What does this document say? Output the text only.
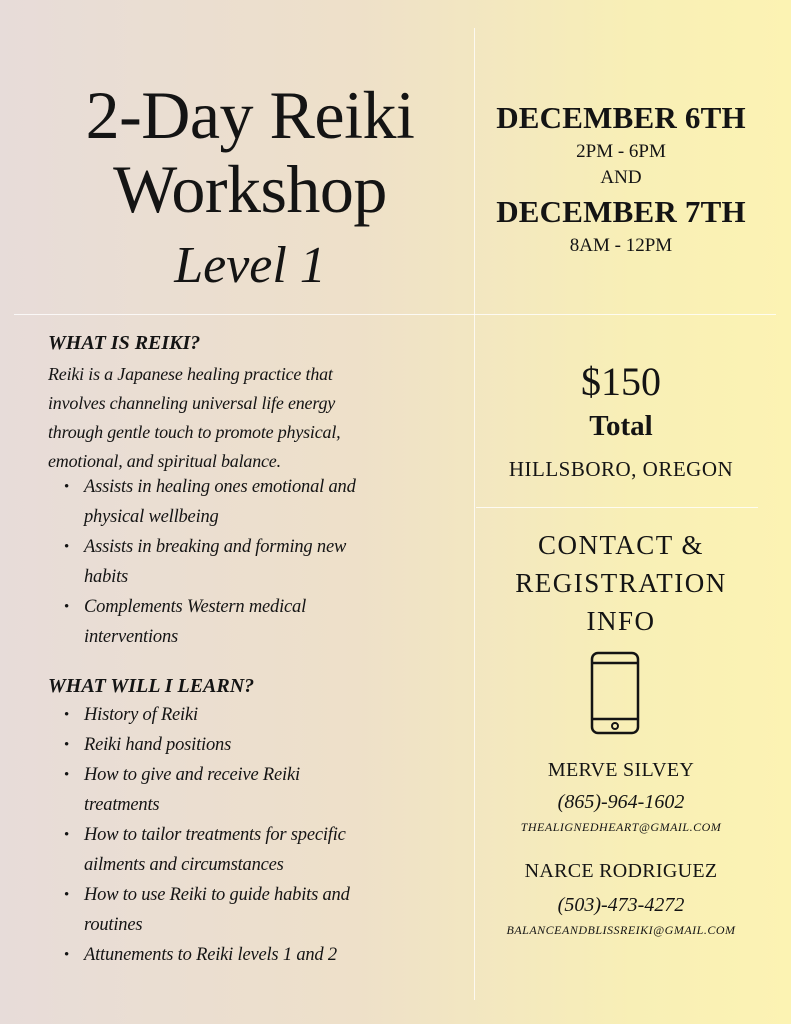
2-Day Reiki
Workshop
Level 1
DECEMBER 6TH
2PM - 6PM
AND
DECEMBER 7TH
8AM - 12PM
WHAT IS REIKI?
Reiki is a Japanese healing practice that
involves channeling universal life energy
through gentle touch to promote physical,
emotional, and spiritual balance.
• Assists in healing ones emotional and
physical wellbeing
• Assists in breaking and forming new
habits
• Complements Western medical
interventions
WHAT WILL I LEARN?
• History of Reiki
• Reiki hand positions
• How to give and receive Reiki
treatments
• How to tailor treatments for specific
ailments and circumstances
• How to use Reiki to guide habits and
routines
• Attunements to Reiki levels 1 and 2
$150
Total
HILLSBORO, OREGON
CONTACT &
REGISTRATION
INFO
MERVE SILVEY
(865)-964-1602
THEALIGNEDHEART@GMAIL.COM
NARCE RODRIGUEZ
(503)-473-4272
BALANCEANDBLISSREIKI@GMAIL.COM
